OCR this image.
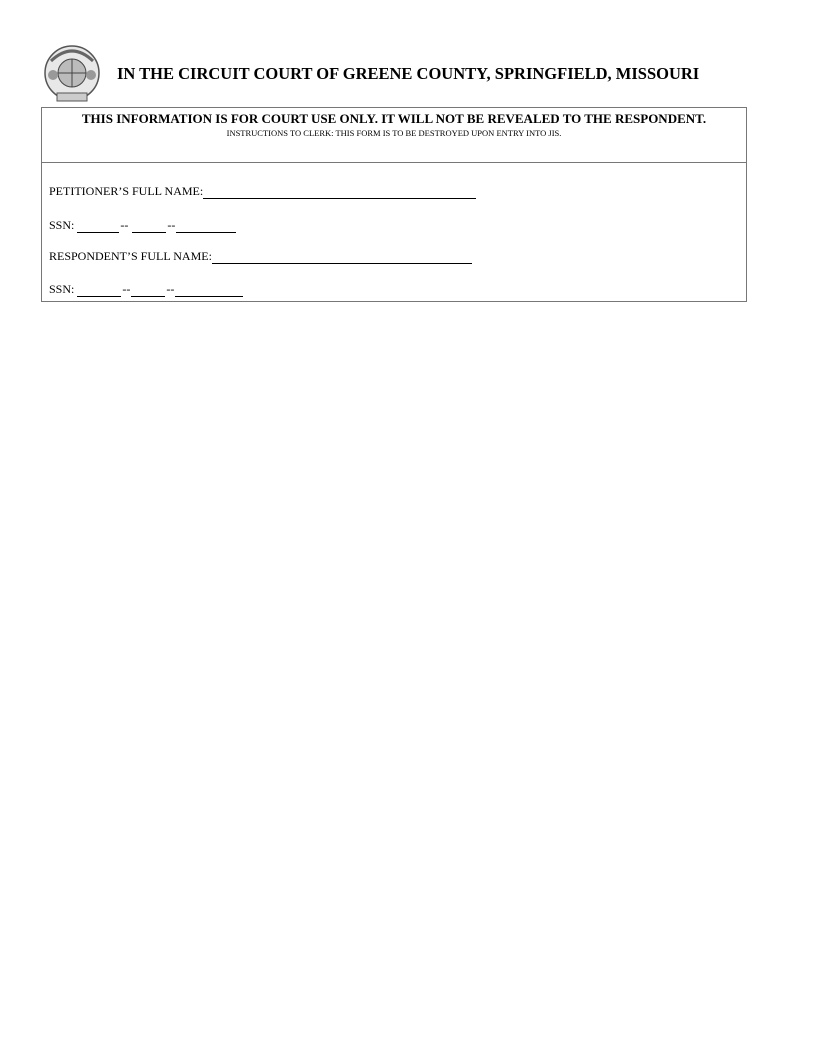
IN THE CIRCUIT COURT OF GREENE COUNTY, SPRINGFIELD, MISSOURI
THIS INFORMATION IS FOR COURT USE ONLY. IT WILL NOT BE REVEALED TO THE RESPONDENT.
INSTRUCTIONS TO CLERK: THIS FORM IS TO BE DESTROYED UPON ENTRY INTO JIS.
PETITIONER’S FULL NAME:
SSN:
	--
	--
RESPONDENT’S FULL NAME:
SSN:
	--	--
